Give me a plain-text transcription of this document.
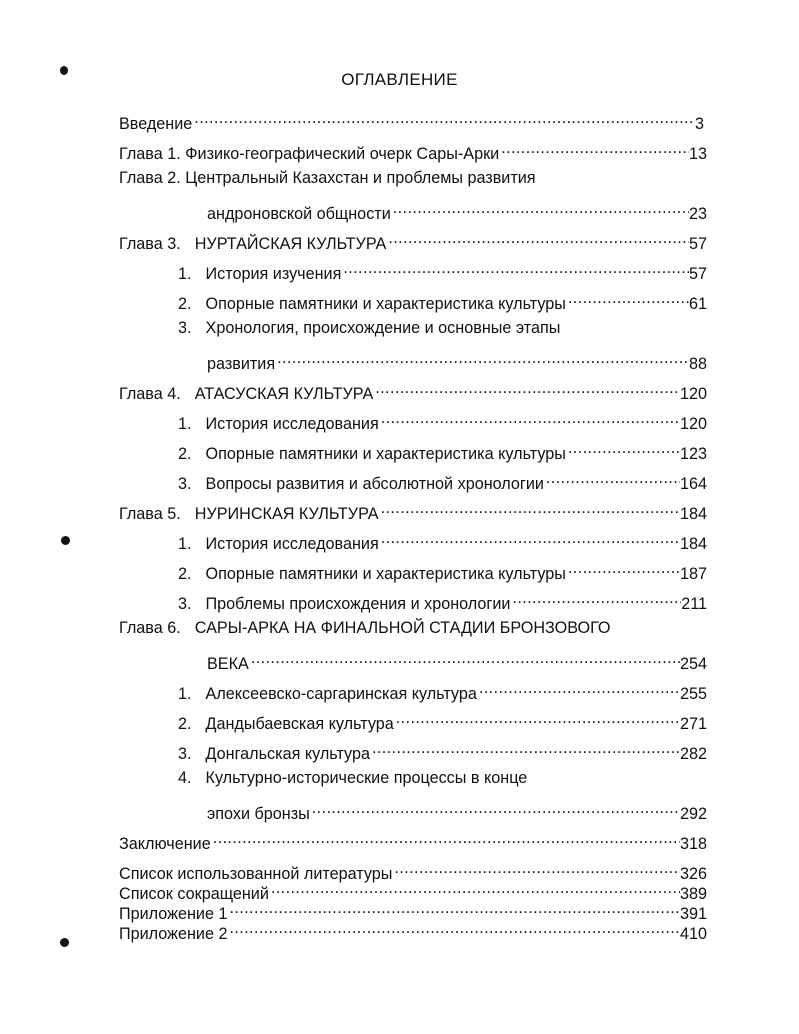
ОГЛАВЛЕНИЕ
Введение .....	3
Глава 1. Физико-географический очерк Сары-Арки .....	13
Глава 2. Центральный Казахстан и проблемы развития
андроновской общности .....	23
Глава 3. НУРТАЙСКАЯ КУЛЬТУРА .....	57
1. История изучения .....	57
2. Опорные памятники и характеристика культуры .....	61
3. Хронология, происхождение и основные этапы
развития .....	88
Глава 4. АТАСУСКАЯ КУЛЬТУРА .....	120
1. История исследования .....	120
2. Опорные памятники и характеристика культуры .....	123
3. Вопросы развития и абсолютной хронологии .....	164
Глава 5. НУРИНСКАЯ КУЛЬТУРА .....	184
1. История исследования .....	184
2. Опорные памятники и характеристика культуры .....	187
3. Проблемы происхождения и хронологии .....	211
Глава 6. САРЫ-АРКА НА ФИНАЛЬНОЙ СТАДИИ БРОНЗОВОГО
ВЕКА .....	254
1. Алексеевско-саргаринская культура .....	255
2. Дандыбаевская культура .....	271
3. Донгальская культура .....	282
4. Культурно-исторические процессы в конце
эпохи бронзы .....	292
Заключение .....	318
Список использованной литературы .....	326
Список сокращений .....	389
Приложение 1 .....	391
Приложение 2 .....	410
